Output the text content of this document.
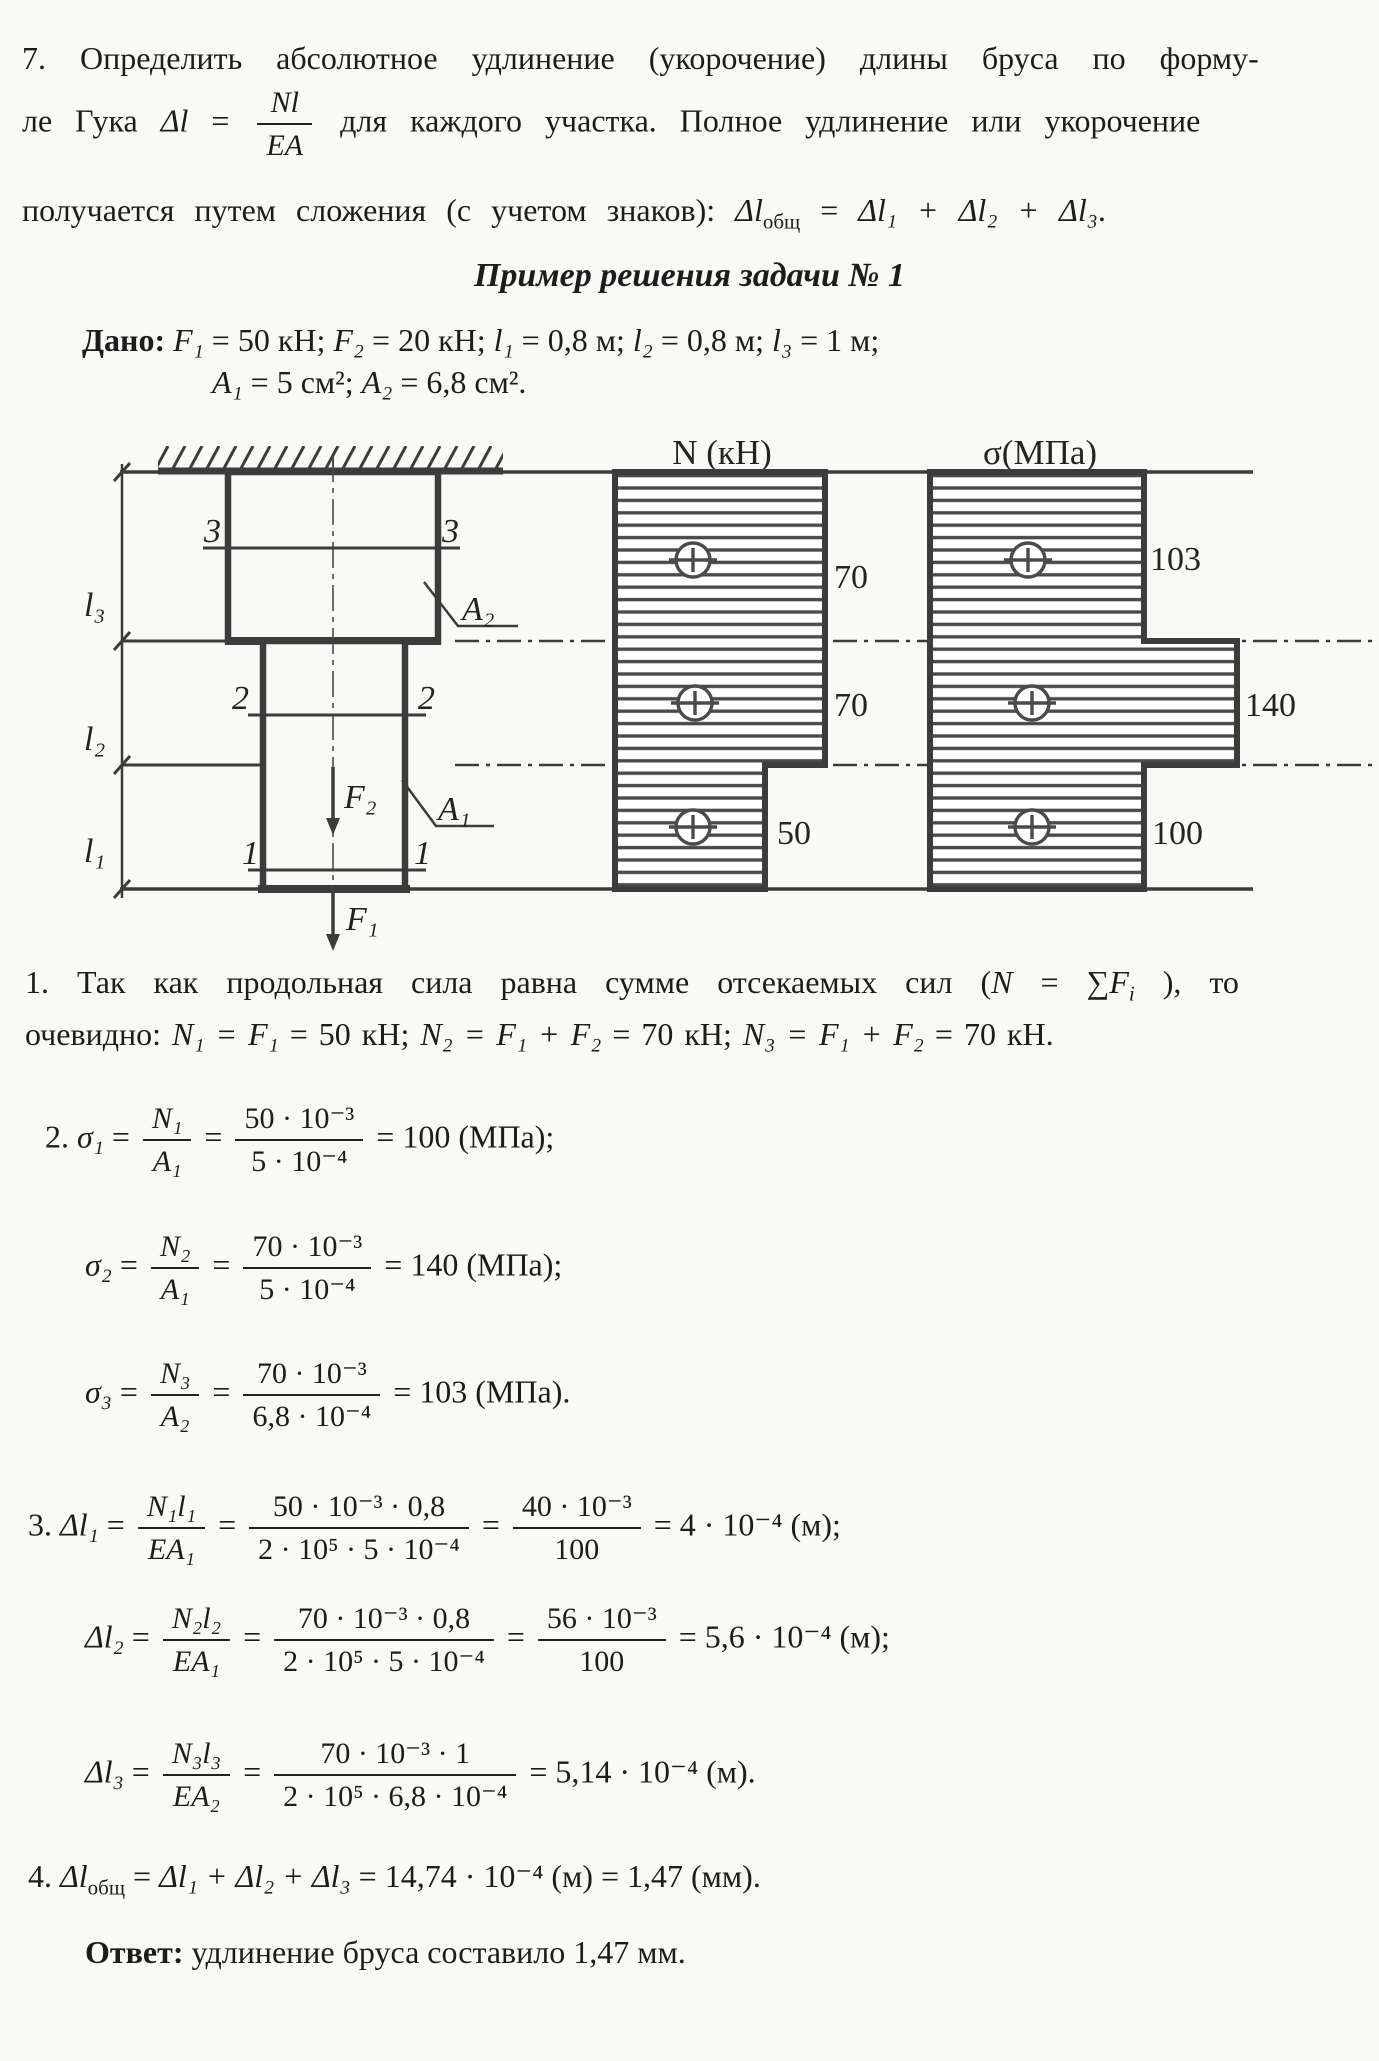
7. Определить абсолютное удлинение (укорочение) длины бруса по форму-
ле Гука $\Delta l = \frac{Nl}{EA}$ для каждого участка. Полное удлинение или укорочение
получается путем сложения (с учетом знаков): $\Delta l_{общ} = \Delta l_1 + \Delta l_2 + \Delta l_3$.
Пример решения задачи № 1
Дано: F₁ = 50 кН; F₂ = 20 кН; l₁ = 0,8 м; l₂ = 0,8 м; l₃ = 1 м;
A₁ = 5 см²; A₂ = 6,8 см².
l₃
l₂
l₁
3	3
2	2
1	1
A₂
A₁
F₂
F₁
N (кН)
70
70
50
σ(МПа)
103
140
100
1. Так как продольная сила равна сумме отсекаемых сил ($N = \sum F_i$ ), то
очевидно: N₁ = F₁ = 50 кН; N₂ = F₁ + F₂ = 70 кН; N₃ = F₁ + F₂ = 70 кН.
2. $\sigma_1 = \frac{\text{N₁}}{\text{A₁}} = \frac{\text{50 · 10⁻³}}{\text{5 · 10⁻⁴}} = 100$ (МПа);
$\sigma_2 = \frac{\text{N₂}}{\text{A₁}} = \frac{\text{70 · 10⁻³}}{\text{5 · 10⁻⁴}} = 140$ (МПа);
$\sigma_3 = \frac{\text{N₃}}{\text{A₂}} = \frac{\text{70 · 10⁻³}}{\text{6,8 · 10⁻⁴}} = 103$ (МПа).
3. $\Delta l_1 = \frac{\text{N₁l₁}}{\text{EA₁}} = \frac{\text{50 · 10⁻³ · 0,8}}{\text{2 · 10⁵ · 5 · 10⁻⁴}} = \frac{\text{40 · 10⁻³}}{100} = 4 \cdot 10^{-4}$ (м);
$\Delta l_2 = \frac{\text{N₂l₂}}{\text{EA₁}} = \frac{\text{70 · 10⁻³ · 0,8}}{\text{2 · 10⁵ · 5 · 10⁻⁴}} = \frac{\text{56 · 10⁻³}}{100} = 5,6 \cdot 10^{-4}$ (м);
$\Delta l_3 = \frac{\text{N₃l₃}}{\text{EA₂}} = \frac{\text{70 · 10⁻³ · 1}}{\text{2 · 10⁵ · 6,8 · 10⁻⁴}} = 5,14 \cdot 10^{-4}$ (м).
4. $\Delta l_{общ} = \Delta l_1 + \Delta l_2 + \Delta l_3 = 14,74 \cdot 10^{-4}$ (м) = 1,47 (мм).
Ответ: удлинение бруса составило 1,47 мм.
